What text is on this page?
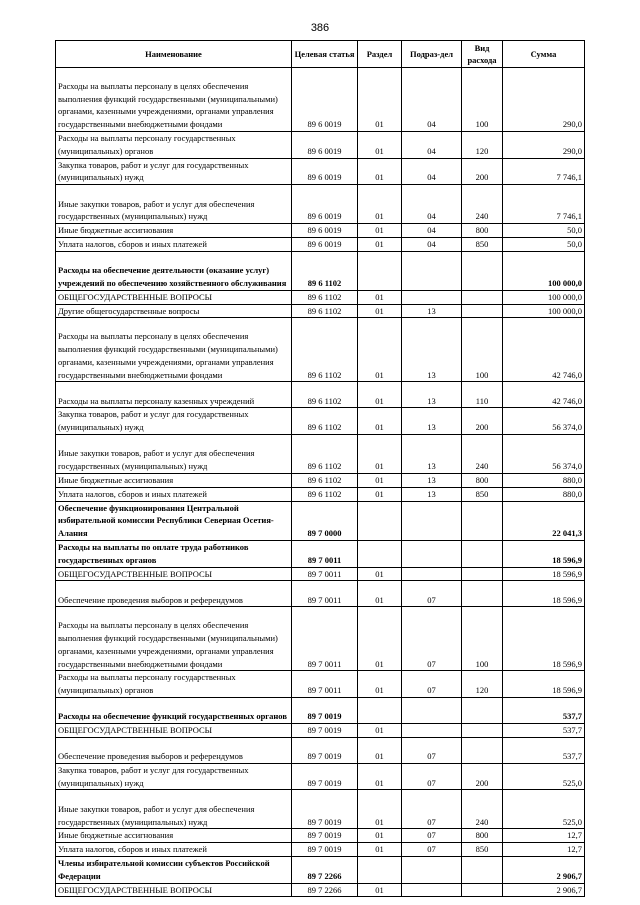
386
Наименование	Целевая статья	Раздел	Подраз-дел	Вид расхода	Сумма
Расходы на выплаты персоналу в целях обеспечения выполнения функций государственными (муниципальными) органами, казенными учреждениями, органами управления государственными внебюджетными фондами	89 6 0019	01	04	100	290,0
Расходы на выплаты персоналу государственных (муниципальных) органов	89 6 0019	01	04	120	290,0
Закупка товаров, работ и услуг для государственных (муниципальных) нужд	89 6 0019	01	04	200	7 746,1
Иные закупки товаров, работ и услуг для обеспечения государственных (муниципальных) нужд	89 6 0019	01	04	240	7 746,1
Иные бюджетные ассигнования	89 6 0019	01	04	800	50,0
Уплата налогов, сборов и иных платежей	89 6 0019	01	04	850	50,0
Расходы на обеспечение деятельности (оказание услуг) учреждений по обеспечению хозяйственного обслуживания	89 6 1102				100 000,0
ОБЩЕГОСУДАРСТВЕННЫЕ ВОПРОСЫ	89 6 1102	01			100 000,0
Другие общегосударственные вопросы	89 6 1102	01	13		100 000,0
Расходы на выплаты персоналу в целях обеспечения выполнения функций государственными (муниципальными) органами, казенными учреждениями, органами управления государственными внебюджетными фондами	89 6 1102	01	13	100	42 746,0
Расходы на выплаты персоналу казенных учреждений	89 6 1102	01	13	110	42 746,0
Закупка товаров, работ и услуг для государственных (муниципальных) нужд	89 6 1102	01	13	200	56 374,0
Иные закупки товаров, работ и услуг для обеспечения государственных (муниципальных) нужд	89 6 1102	01	13	240	56 374,0
Иные бюджетные ассигнования	89 6 1102	01	13	800	880,0
Уплата налогов, сборов и иных платежей	89 6 1102	01	13	850	880,0
Обеспечение функционирования Центральной избирательной комиссии Республики Северная Осетия-Алания	89 7 0000				22 041,3
Расходы на выплаты по оплате труда работников государственных органов	89 7 0011				18 596,9
ОБЩЕГОСУДАРСТВЕННЫЕ ВОПРОСЫ	89 7 0011	01			18 596,9
Обеспечение проведения выборов и референдумов	89 7 0011	01	07		18 596,9
Расходы на выплаты персоналу в целях обеспечения выполнения функций государственными (муниципальными) органами, казенными учреждениями, органами управления государственными внебюджетными фондами	89 7 0011	01	07	100	18 596,9
Расходы на выплаты персоналу государственных (муниципальных) органов	89 7 0011	01	07	120	18 596,9
Расходы на обеспечение функций государственных органов	89 7 0019				537,7
ОБЩЕГОСУДАРСТВЕННЫЕ ВОПРОСЫ	89 7 0019	01			537,7
Обеспечение проведения выборов и референдумов	89 7 0019	01	07		537,7
Закупка товаров, работ и услуг для государственных (муниципальных) нужд	89 7 0019	01	07	200	525,0
Иные закупки товаров, работ и услуг для обеспечения государственных (муниципальных) нужд	89 7 0019	01	07	240	525,0
Иные бюджетные ассигнования	89 7 0019	01	07	800	12,7
Уплата налогов, сборов и иных платежей	89 7 0019	01	07	850	12,7
Члены избирательной комиссии субъектов Российской Федерации	89 7 2266				2 906,7
ОБЩЕГОСУДАРСТВЕННЫЕ ВОПРОСЫ	89 7 2266	01			2 906,7
